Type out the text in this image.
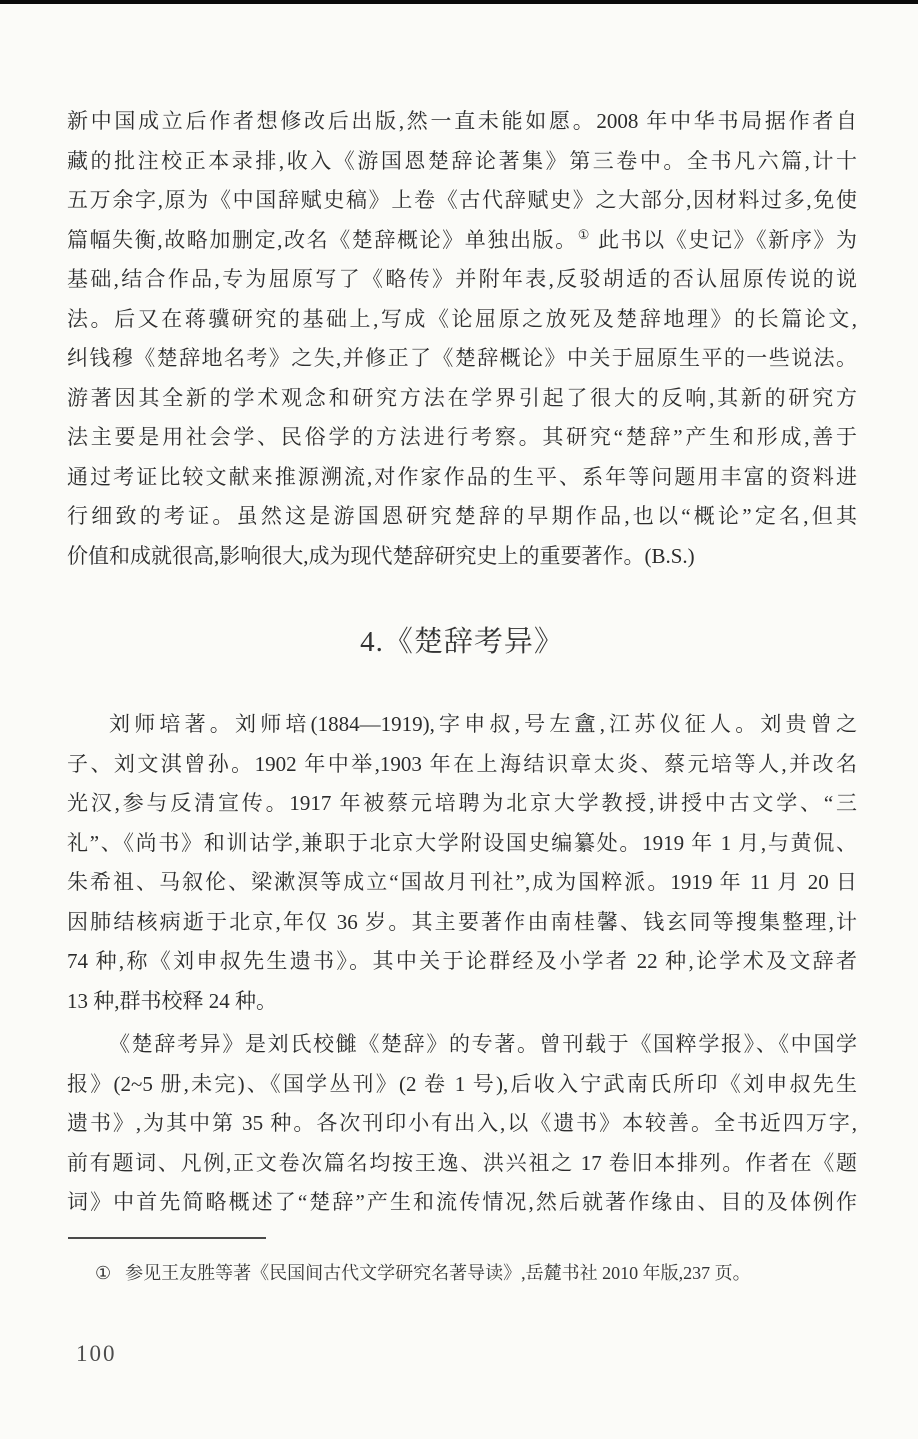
新中国成立后作者想修改后出版,然一直未能如愿。2008 年中华书局据作者自
藏的批注校正本录排,收入《游国恩楚辞论著集》第三卷中。全书凡六篇,计十
五万余字,原为《中国辞赋史稿》上卷《古代辞赋史》之大部分,因材料过多,免使
篇幅失衡,故略加删定,改名《楚辞概论》单独出版。① 此书以《史记》《新序》为
基础,结合作品,专为屈原写了《略传》并附年表,反驳胡适的否认屈原传说的说
法。后又在蒋骥研究的基础上,写成《论屈原之放死及楚辞地理》的长篇论文,
纠钱穆《楚辞地名考》之失,并修正了《楚辞概论》中关于屈原生平的一些说法。
游著因其全新的学术观念和研究方法在学界引起了很大的反响,其新的研究方
法主要是用社会学、民俗学的方法进行考察。其研究“楚辞”产生和形成,善于
通过考证比较文献来推源溯流,对作家作品的生平、系年等问题用丰富的资料进
行细致的考证。虽然这是游国恩研究楚辞的早期作品,也以“概论”定名,但其
价值和成就很高,影响很大,成为现代楚辞研究史上的重要著作。(B.S.)
4.《楚辞考异》
刘师培著。刘师培(1884—1919),字申叔,号左盦,江苏仪征人。刘贵曾之
子、刘文淇曾孙。1902 年中举,1903 年在上海结识章太炎、蔡元培等人,并改名
光汉,参与反清宣传。1917 年被蔡元培聘为北京大学教授,讲授中古文学、“三
礼”、《尚书》和训诂学,兼职于北京大学附设国史编纂处。1919 年 1 月,与黄侃、
朱希祖、马叙伦、梁漱溟等成立“国故月刊社”,成为国粹派。1919 年 11 月 20 日
因肺结核病逝于北京,年仅 36 岁。其主要著作由南桂馨、钱玄同等搜集整理,计
74 种,称《刘申叔先生遗书》。其中关于论群经及小学者 22 种,论学术及文辞者
13 种,群书校释 24 种。
《楚辞考异》是刘氏校雠《楚辞》的专著。曾刊载于《国粹学报》、《中国学
报》(2~5 册,未完)、《国学丛刊》(2 卷 1 号),后收入宁武南氏所印《刘申叔先生
遗书》,为其中第 35 种。各次刊印小有出入,以《遗书》本较善。全书近四万字,
前有题词、凡例,正文卷次篇名均按王逸、洪兴祖之 17 卷旧本排列。作者在《题
词》中首先简略概述了“楚辞”产生和流传情况,然后就著作缘由、目的及体例作
① 参见王友胜等著《民国间古代文学研究名著导读》,岳麓书社 2010 年版,237 页。
100
